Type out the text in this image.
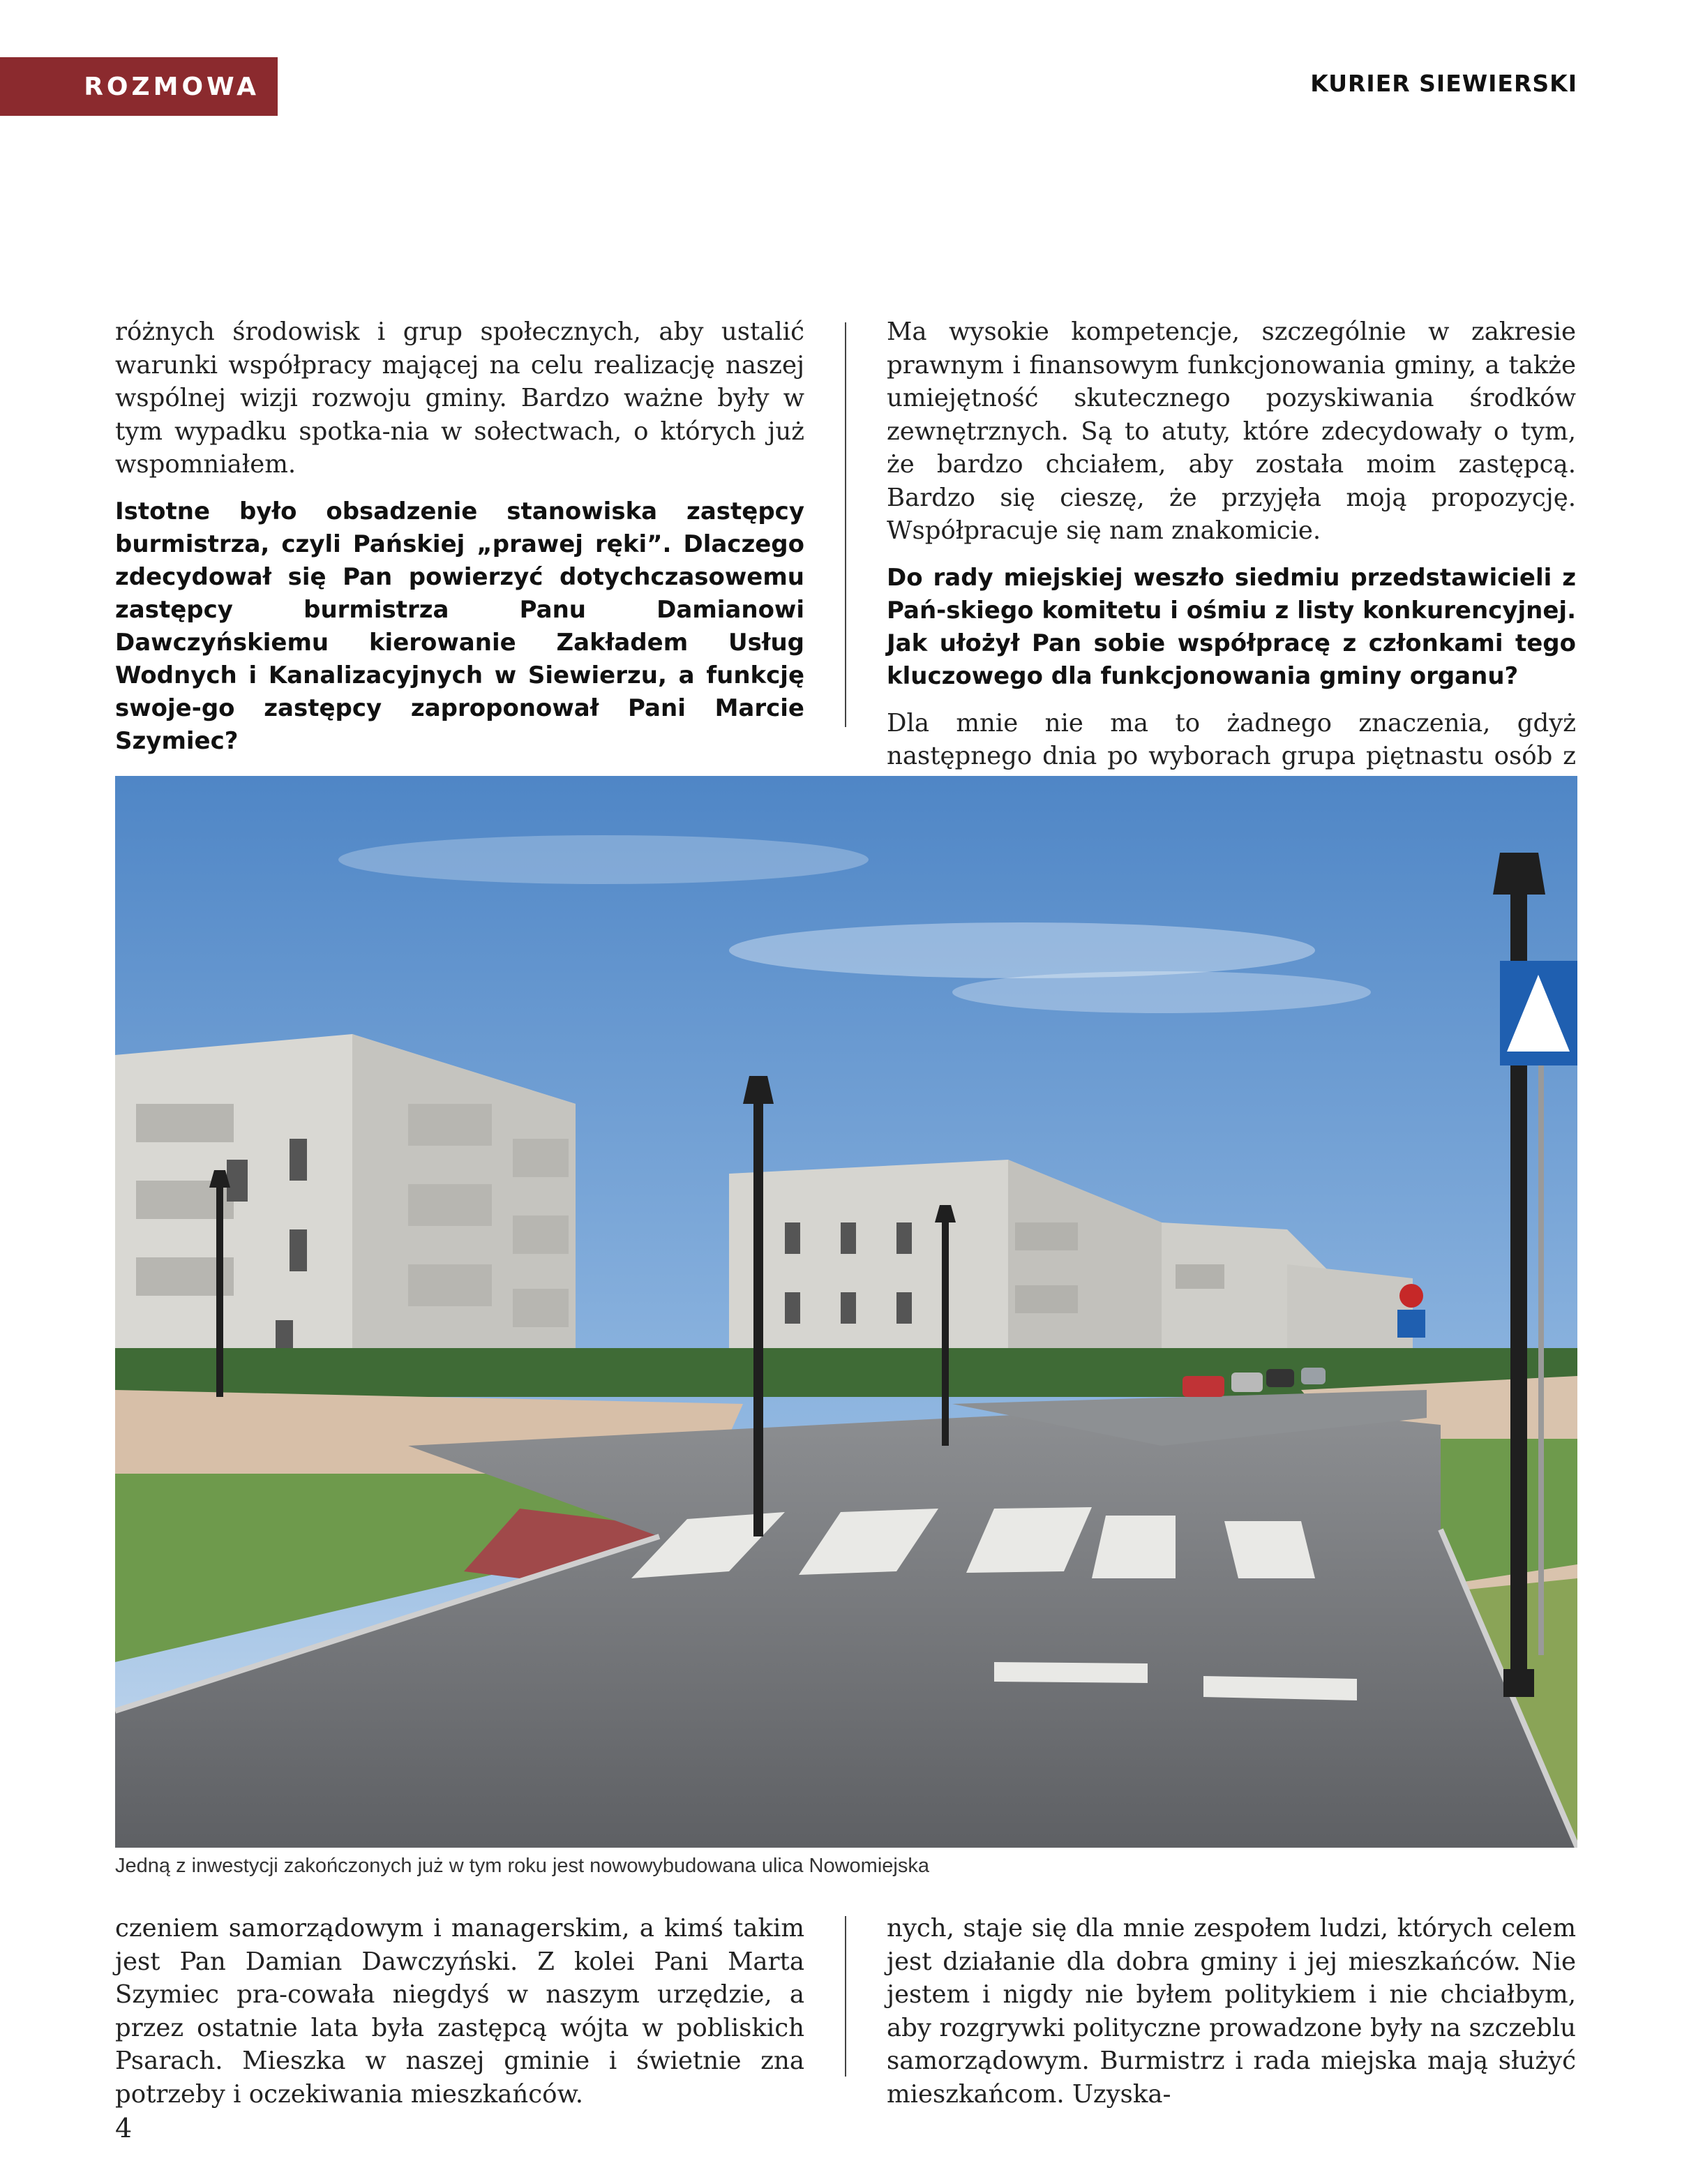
ROZMOWA	KURIER SIEWIERSKI

różnych środowisk i grup społecznych, aby ustalić warunki współpracy mającej na celu realizację naszej wspólnej wizji rozwoju gminy. Bardzo ważne były w tym wypadku spotka-nia w sołectwach, o których już wspomniałem.

Istotne było obsadzenie stanowiska zastępcy burmistrza, czyli Pańskiej „prawej ręki”. Dlaczego zdecydował się Pan powierzyć dotychczasowemu zastępcy burmistrza Panu Damianowi Dawczyńskiemu kierowanie Zakładem Usług Wodnych i Kanalizacyjnych w Siewierzu, a funkcję swoje-go zastępcy zaproponował Pani Marcie Szymiec?

Ma wysokie kompetencje, szczególnie w zakresie prawnym i finansowym funkcjonowania gminy, a także umiejętność skutecznego pozyskiwania środków zewnętrznych. Są to atuty, które zdecydowały o tym, że bardzo chciałem, aby została moim zastępcą. Bardzo się cieszę, że przyjęła moją propozycję. Współpracuje się nam znakomicie.

Do rady miejskiej weszło siedmiu przedstawicieli z Pań-skiego komitetu i ośmiu z listy konkurencyjnej. Jak ułożył Pan sobie współpracę z członkami tego kluczowego dla funkcjonowania gminy organu?

Dla mnie nie ma to żadnego znaczenia, gdyż następnego dnia po wyborach grupa piętnastu osób z

Jedną z inwestycji zakończonych już w tym roku jest nowowybudowana ulica Nowomiejska

czeniem samorządowym i managerskim, a kimś takim jest Pan Damian Dawczyński. Z kolei Pani Marta Szymiec pra-cowała niegdyś w naszym urzędzie, a przez ostatnie lata była zastępcą wójta w pobliskich Psarach. Mieszka w naszej gminie i świetnie zna potrzeby i oczekiwania mieszkańców.

nych, staje się dla mnie zespołem ludzi, których celem jest działanie dla dobra gminy i jej mieszkańców. Nie jestem i nigdy nie byłem politykiem i nie chciałbym, aby rozgrywki polityczne prowadzone były na szczeblu samorządowym. Burmistrz i rada miejska mają służyć mieszkańcom. Uzyska-

4
